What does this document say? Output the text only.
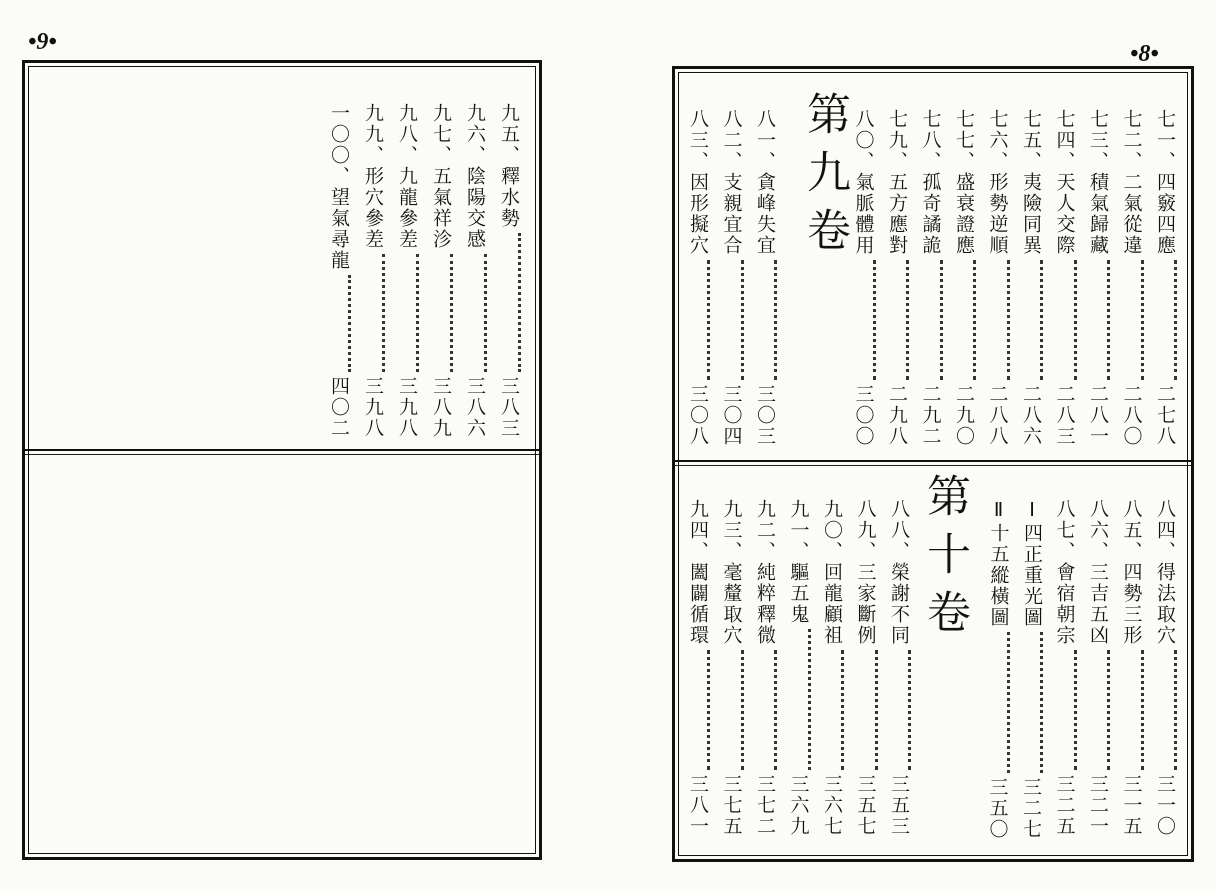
•9•
九五、釋水勢三八三
九六、陰陽交感三八六
九七、五氣祥沴三八九
九八、九龍參差三九八
九九、形穴參差三九八
一〇〇、望氣尋龍四〇二
•8•
第九卷
第十卷
七一、四竅四應二七八
七二、二氣從違二八〇
七三、積氣歸藏二八一
七四、天人交際二八三
七五、夷險同異二八六
七六、形勢逆順二八八
七七、盛衰證應二九〇
七八、孤奇譎詭二九二
七九、五方應對二九八
八〇、氣脈體用三〇〇
八一、貪峰失宜三〇三
八二、支親宜合三〇四
八三、因形擬穴三〇八
八四、得法取穴三一〇
八五、四勢三形三一五
八六、三吉五凶三二一
八七、會宿朝宗三二五
Ⅰ四正重光圖三二七
Ⅱ十五縱橫圖三五〇
八八、榮謝不同三五三
八九、三家斷例三五七
九〇、回龍顧祖三六七
九一、驅五鬼三六九
九二、純粹釋微三七二
九三、毫釐取穴三七五
九四、闔闢循環三八一
